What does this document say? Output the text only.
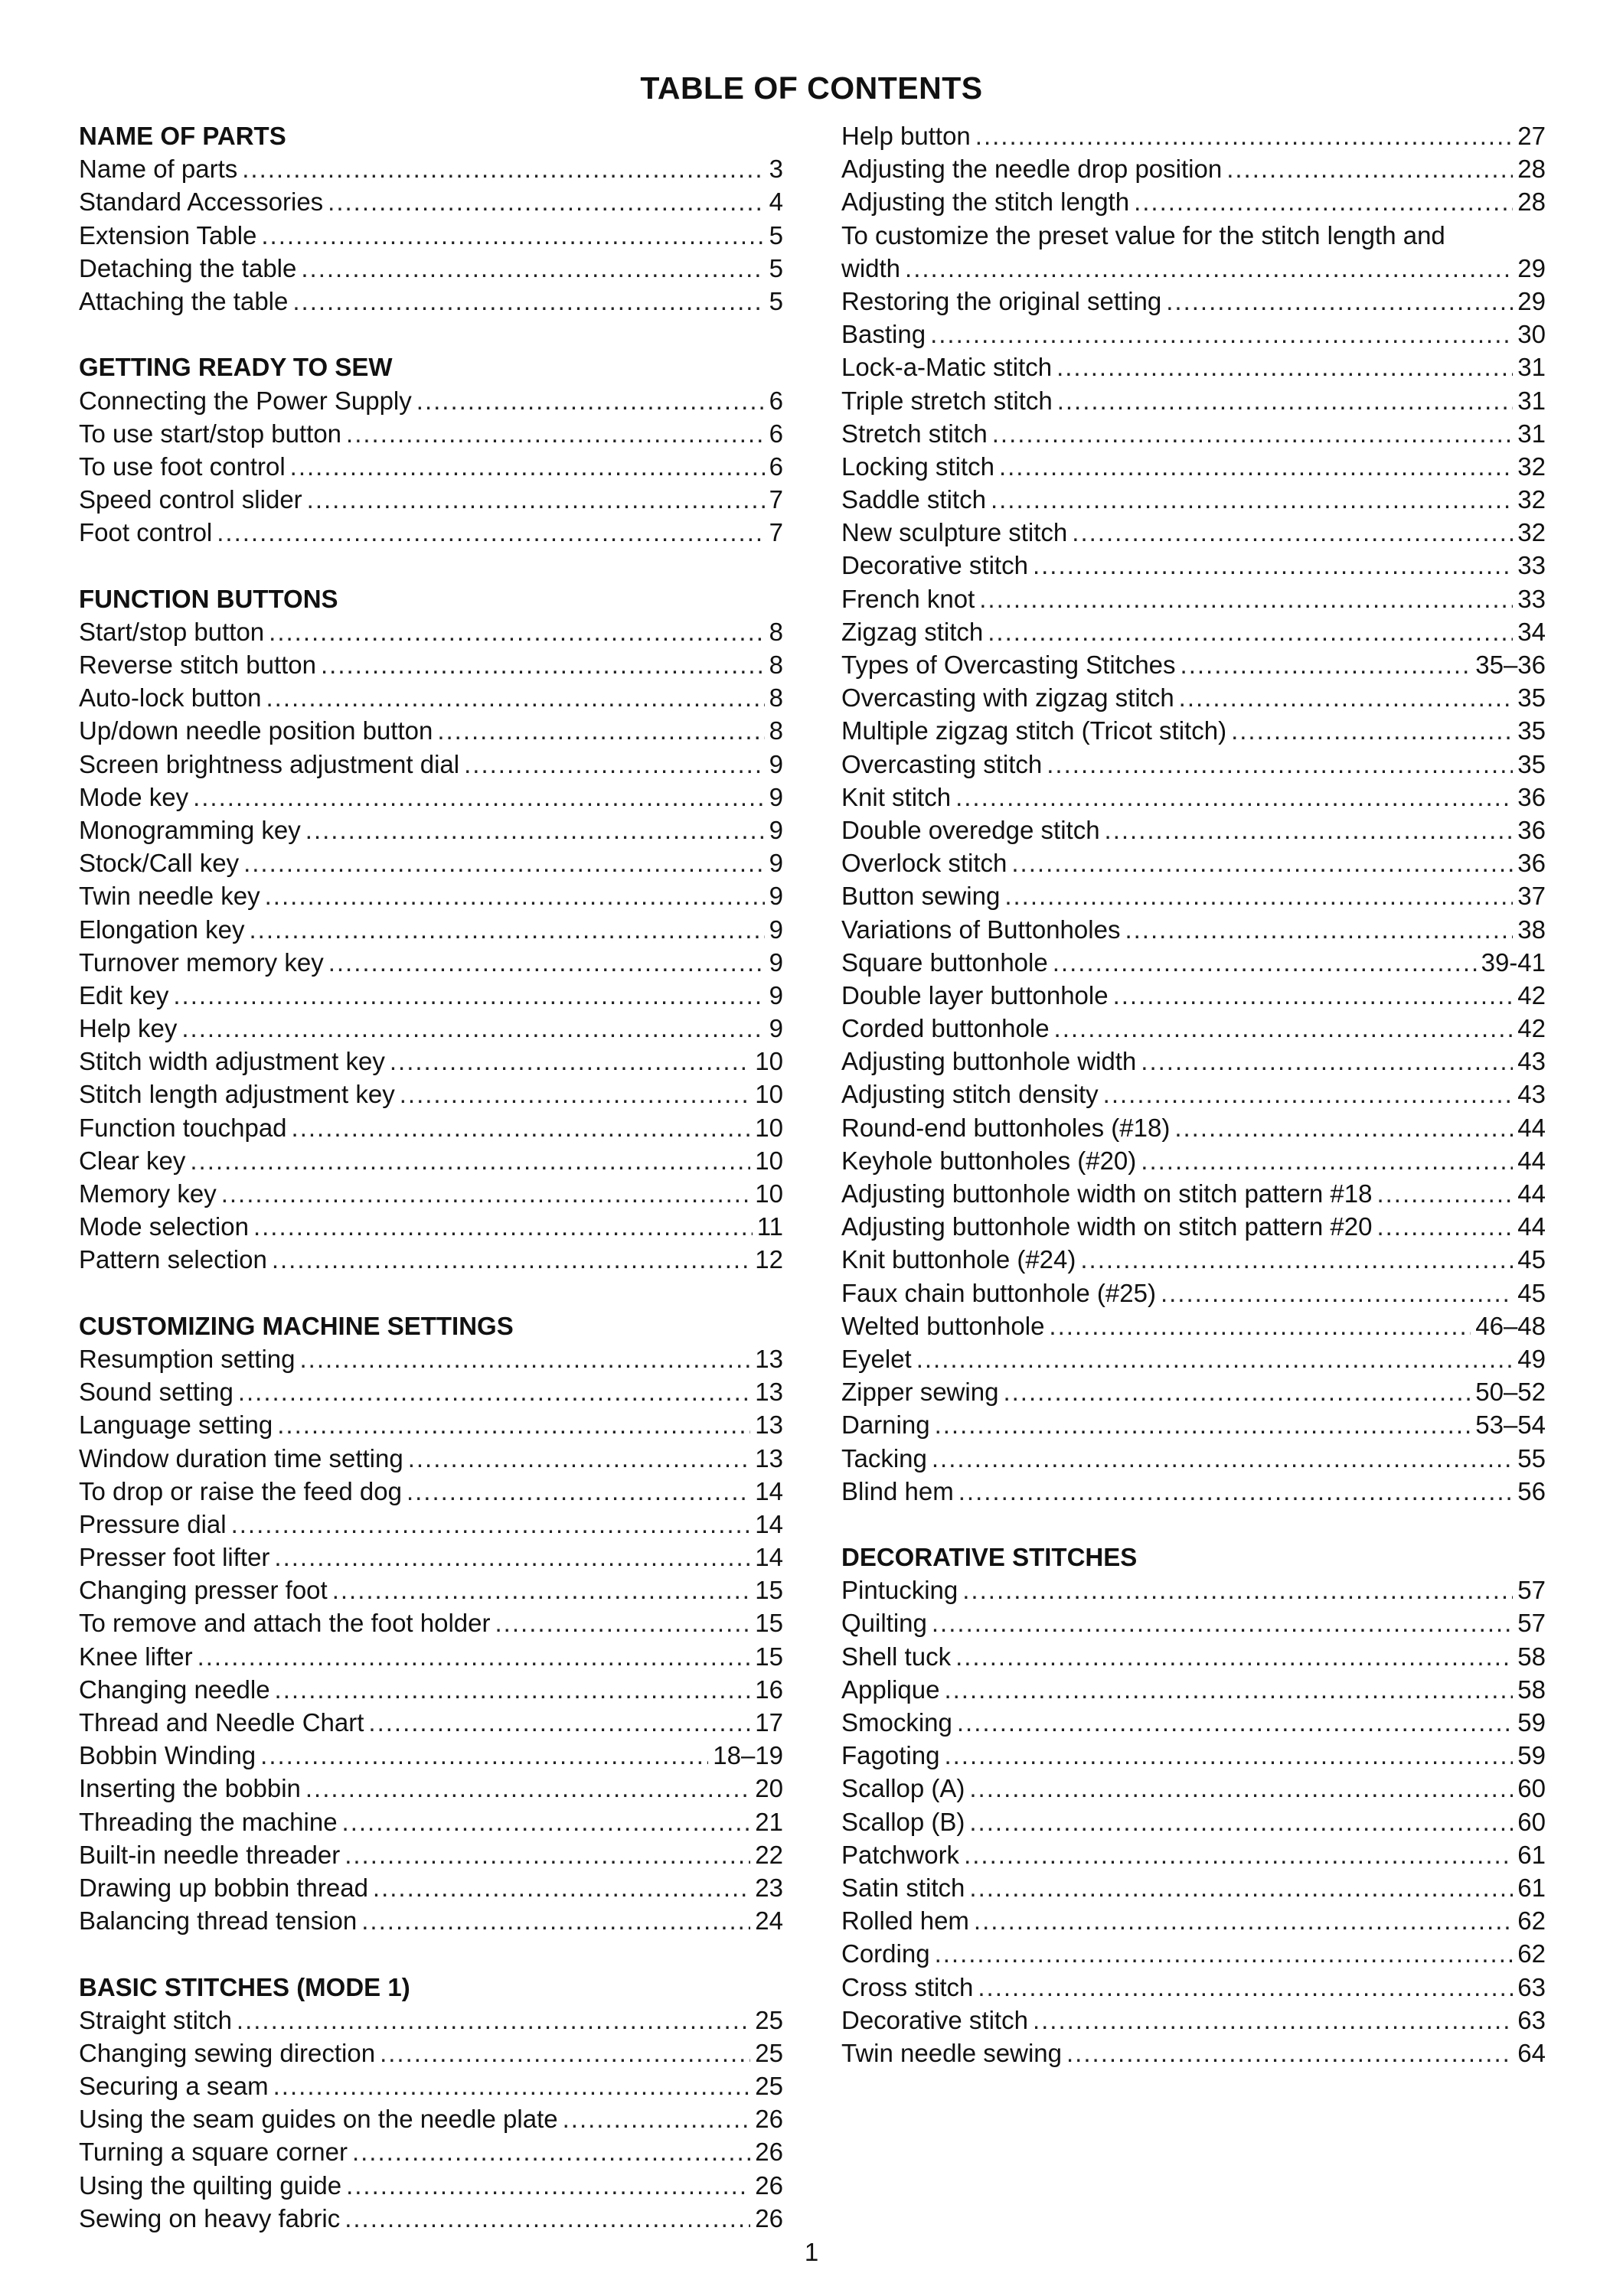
TABLE OF CONTENTS
NAME OF PARTS
Name of parts .....	3
Standard Accessories .....	4
Extension Table .....	5
Detaching the table .....	5
Attaching the table .....	5
GETTING READY TO SEW
Connecting the Power Supply .....	6
To use start/stop button .....	6
To use foot control .....	6
Speed control slider .....	7
Foot control .....	7
FUNCTION BUTTONS
Start/stop button .....	8
Reverse stitch button .....	8
Auto-lock button .....	8
Up/down needle position button .....	8
Screen brightness adjustment dial .....	9
Mode key .....	9
Monogramming key .....	9
Stock/Call key .....	9
Twin needle key .....	9
Elongation key .....	9
Turnover memory key .....	9
Edit key .....	9
Help key .....	9
Stitch width adjustment key .....	10
Stitch length adjustment key .....	10
Function touchpad .....	10
Clear key .....	10
Memory key .....	10
Mode selection .....	11
Pattern selection .....	12
CUSTOMIZING MACHINE SETTINGS
Resumption setting .....	13
Sound setting .....	13
Language setting .....	13
Window duration time setting .....	13
To drop or raise the feed dog .....	14
Pressure dial .....	14
Presser foot lifter .....	14
Changing presser foot .....	15
To remove and attach the foot holder .....	15
Knee lifter .....	15
Changing needle .....	16
Thread and Needle Chart .....	17
Bobbin Winding .....	18–19
Inserting the bobbin .....	20
Threading the machine .....	21
Built-in needle threader .....	22
Drawing up bobbin thread .....	23
Balancing thread tension .....	24
BASIC STITCHES (MODE 1)
Straight stitch .....	25
Changing sewing direction .....	25
Securing a seam .....	25
Using the seam guides on the needle plate .....	26
Turning a square corner .....	26
Using the quilting guide .....	26
Sewing on heavy fabric .....	26
Help button .....	27
Adjusting the needle drop position .....	28
Adjusting the stitch length .....	28
To customize the preset value for the stitch length and
width .....	29
Restoring the original setting .....	29
Basting .....	30
Lock-a-Matic stitch .....	31
Triple stretch stitch .....	31
Stretch stitch .....	31
Locking stitch .....	32
Saddle stitch .....	32
New sculpture stitch .....	32
Decorative stitch .....	33
French knot .....	33
Zigzag stitch .....	34
Types of Overcasting Stitches .....	35–36
Overcasting with zigzag stitch .....	35
Multiple zigzag stitch (Tricot stitch) .....	35
Overcasting stitch .....	35
Knit stitch .....	36
Double overedge stitch .....	36
Overlock stitch .....	36
Button sewing .....	37
Variations of Buttonholes .....	38
Square buttonhole .....	39-41
Double layer buttonhole .....	42
Corded buttonhole .....	42
Adjusting buttonhole width .....	43
Adjusting stitch density .....	43
Round-end buttonholes (#18) .....	44
Keyhole buttonholes (#20) .....	44
Adjusting buttonhole width on stitch pattern #18 .....	44
Adjusting buttonhole width on stitch pattern #20 .....	44
Knit buttonhole (#24) .....	45
Faux chain buttonhole (#25) .....	45
Welted buttonhole .....	46–48
Eyelet .....	49
Zipper sewing .....	50–52
Darning .....	53–54
Tacking .....	55
Blind hem .....	56
DECORATIVE STITCHES
Pintucking .....	57
Quilting .....	57
Shell tuck .....	58
Applique .....	58
Smocking .....	59
Fagoting .....	59
Scallop (A) .....	60
Scallop (B) .....	60
Patchwork .....	61
Satin stitch .....	61
Rolled hem .....	62
Cording .....	62
Cross stitch .....	63
Decorative stitch .....	63
Twin needle sewing .....	64
1
